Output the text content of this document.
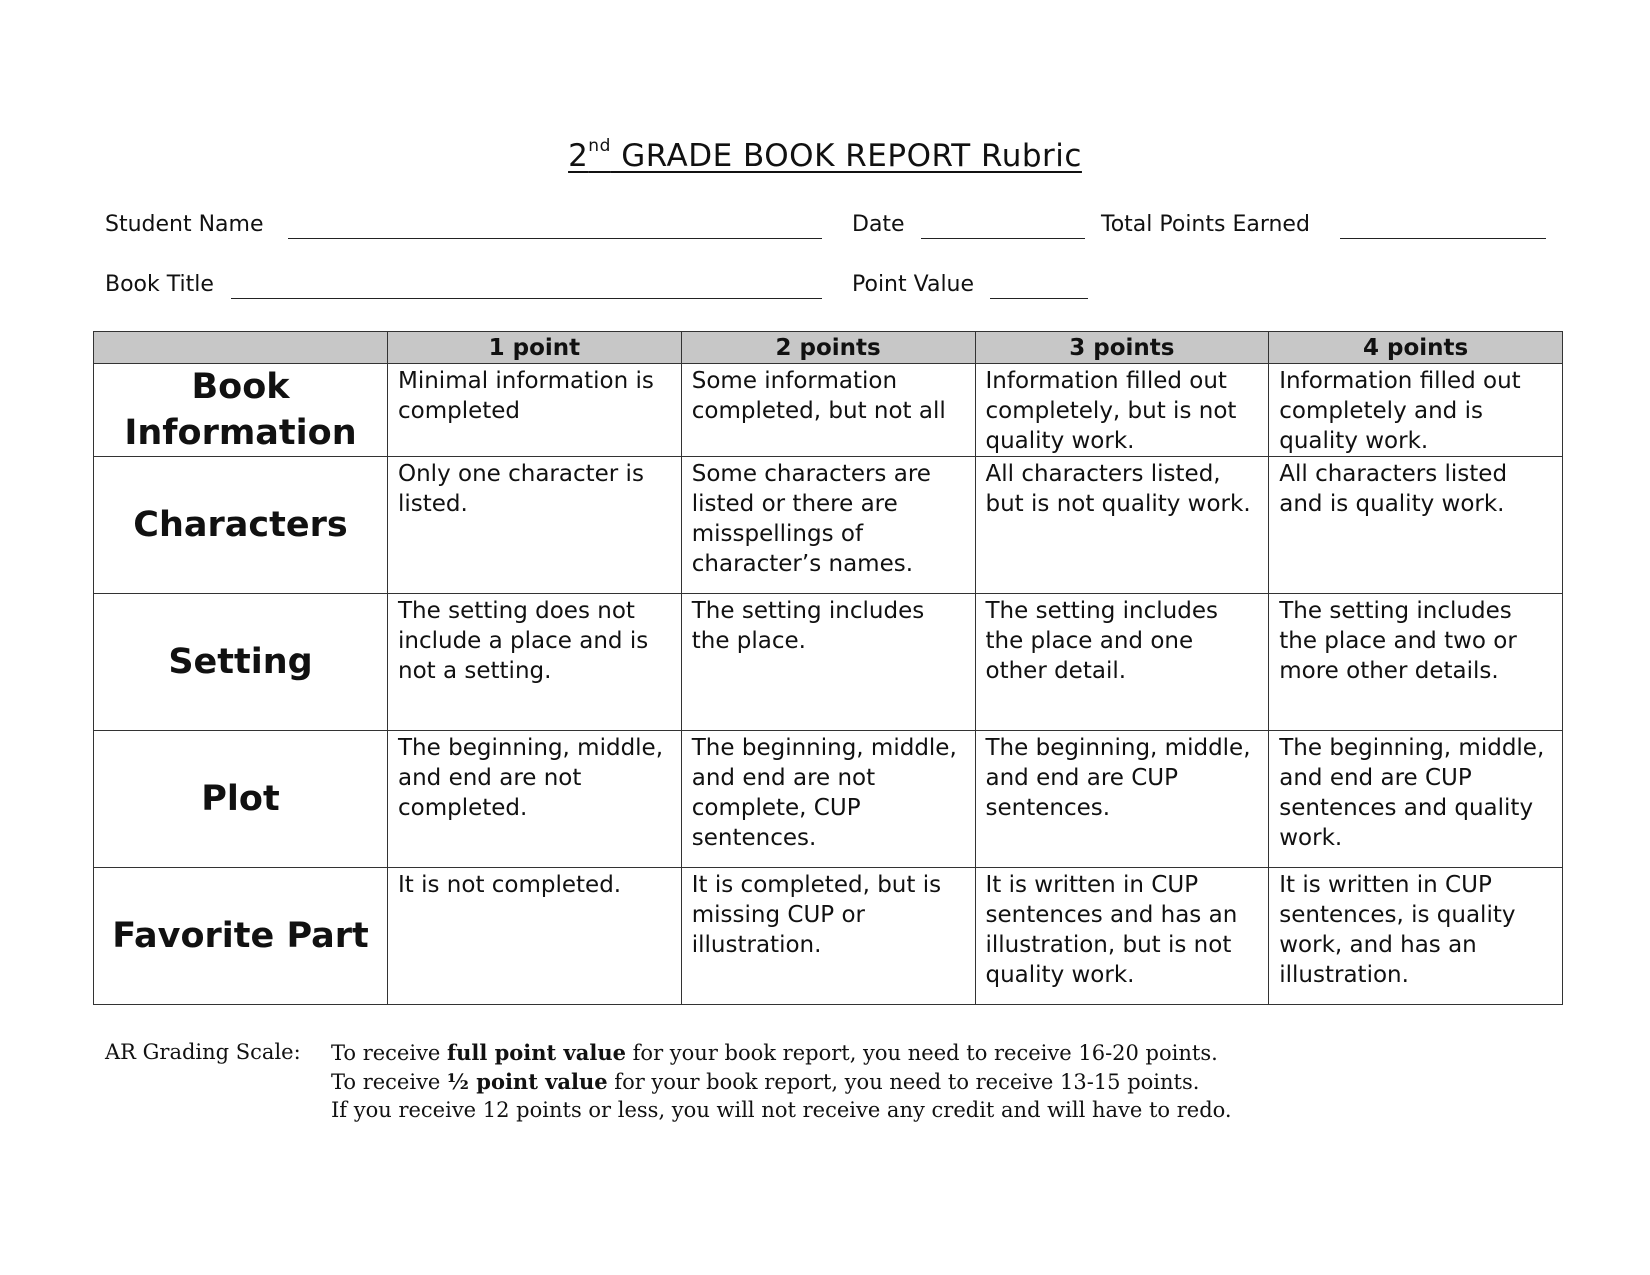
2nd GRADE BOOK REPORT Rubric
Student Name	Date	Total Points Earned
Book Title	Point Value
	1 point	2 points	3 points	4 points
Book Information	Minimal information is completed	Some information completed, but not all	Information filled out completely, but is not quality work.	Information filled out completely and is quality work.
Characters	Only one character is listed.	Some characters are listed or there are misspellings of character’s names.	All characters listed, but is not quality work.	All characters listed and is quality work.
Setting	The setting does not include a place and is not a setting.	The setting includes the place.	The setting includes the place and one other detail.	The setting includes the place and two or more other details.
Plot	The beginning, middle, and end are not completed.	The beginning, middle, and end are not complete, CUP sentences.	The beginning, middle, and end are CUP sentences.	The beginning, middle, and end are CUP sentences and quality work.
Favorite Part	It is not completed.	It is completed, but is missing CUP or illustration.	It is written in CUP sentences and has an illustration, but is not quality work.	It is written in CUP sentences, is quality work, and has an illustration.
AR Grading Scale: To receive full point value for your book report, you need to receive 16-20 points.
To receive ½ point value for your book report, you need to receive 13-15 points.
If you receive 12 points or less, you will not receive any credit and will have to redo.
